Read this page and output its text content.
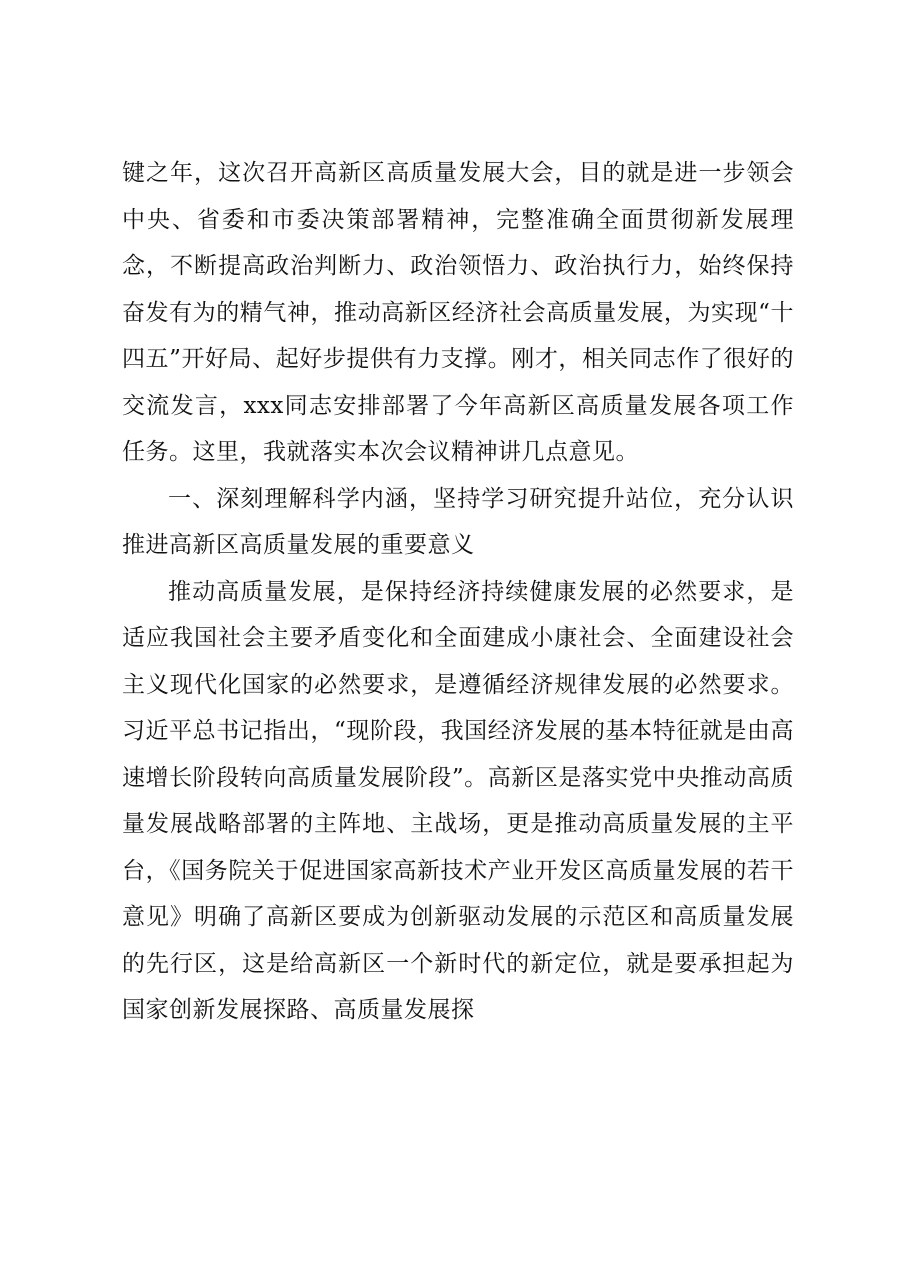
键之年，这次召开高新区高质量发展大会，目的就是进一步领会中央、省委和市委决策部署精神，完整准确全面贯彻新发展理念，不断提高政治判断力、政治领悟力、政治执行力，始终保持奋发有为的精气神，推动高新区经济社会高质量发展，为实现“十四五”开好局、起好步提供有力支撑。刚才，相关同志作了很好的交流发言，xxx同志安排部署了今年高新区高质量发展各项工作任务。这里，我就落实本次会议精神讲几点意见。

一、深刻理解科学内涵，坚持学习研究提升站位，充分认识推进高新区高质量发展的重要意义

推动高质量发展，是保持经济持续健康发展的必然要求，是适应我国社会主要矛盾变化和全面建成小康社会、全面建设社会主义现代化国家的必然要求，是遵循经济规律发展的必然要求。习近平总书记指出，“现阶段，我国经济发展的基本特征就是由高速增长阶段转向高质量发展阶段”。高新区是落实党中央推动高质量发展战略部署的主阵地、主战场，更是推动高质量发展的主平台，《国务院关于促进国家高新技术产业开发区高质量发展的若干意见》明确了高新区要成为创新驱动发展的示范区和高质量发展的先行区，这是给高新区一个新时代的新定位，就是要承担起为国家创新发展探路、高质量发展探
